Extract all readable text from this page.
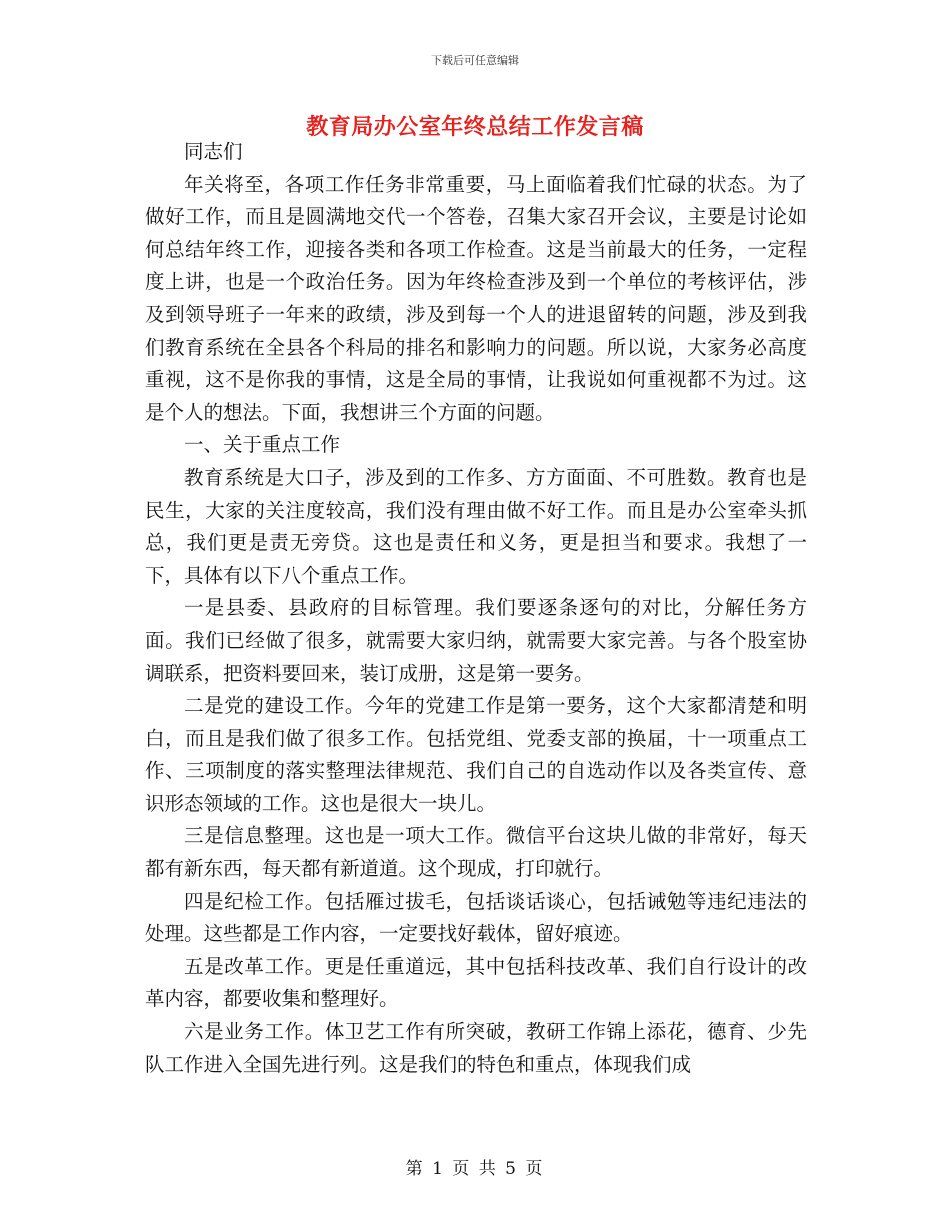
下载后可任意编辑
教育局办公室年终总结工作发言稿

同志们

年关将至，各项工作任务非常重要，马上面临着我们忙碌的状态。为了做好工作，而且是圆满地交代一个答卷，召集大家召开会议，主要是讨论如何总结年终工作，迎接各类和各项工作检查。这是当前最大的任务，一定程度上讲，也是一个政治任务。因为年终检查涉及到一个单位的考核评估，涉及到领导班子一年来的政绩，涉及到每一个人的进退留转的问题，涉及到我们教育系统在全县各个科局的排名和影响力的问题。所以说，大家务必高度重视，这不是你我的事情，这是全局的事情，让我说如何重视都不为过。这是个人的想法。下面，我想讲三个方面的问题。

一、关于重点工作

教育系统是大口子，涉及到的工作多、方方面面、不可胜数。教育也是民生，大家的关注度较高，我们没有理由做不好工作。而且是办公室牵头抓总，我们更是责无旁贷。这也是责任和义务，更是担当和要求。我想了一下，具体有以下八个重点工作。

一是县委、县政府的目标管理。我们要逐条逐句的对比，分解任务方面。我们已经做了很多，就需要大家归纳，就需要大家完善。与各个股室协调联系，把资料要回来，装订成册，这是第一要务。

二是党的建设工作。今年的党建工作是第一要务，这个大家都清楚和明白，而且是我们做了很多工作。包括党组、党委支部的换届，十一项重点工作、三项制度的落实整理法律规范、我们自己的自选动作以及各类宣传、意识形态领域的工作。这也是很大一块儿。

三是信息整理。这也是一项大工作。微信平台这块儿做的非常好，每天都有新东西，每天都有新道道。这个现成，打印就行。

四是纪检工作。包括雁过拔毛，包括谈话谈心，包括诫勉等违纪违法的处理。这些都是工作内容，一定要找好载体，留好痕迹。

五是改革工作。更是任重道远，其中包括科技改革、我们自行设计的改革内容，都要收集和整理好。

六是业务工作。体卫艺工作有所突破，教研工作锦上添花，德育、少先队工作进入全国先进行列。这是我们的特色和重点，体现我们成

第 1 页 共 5 页
